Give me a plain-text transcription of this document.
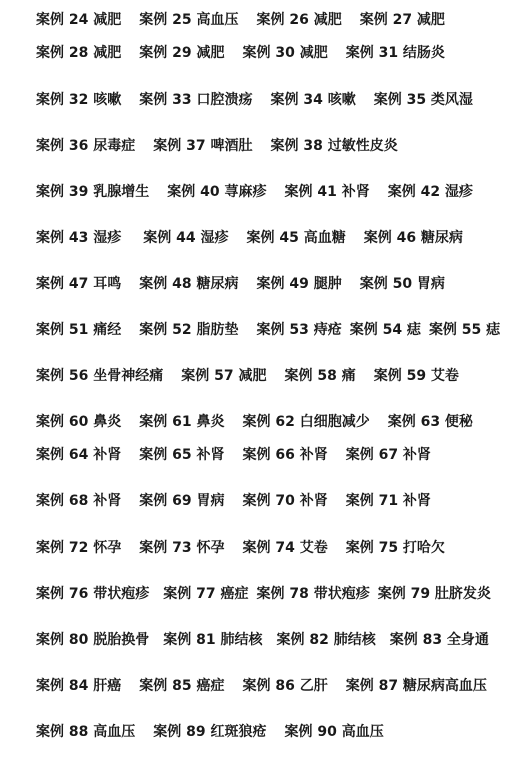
案例 24 减肥 案例 25 高血压 案例 26 减肥 案例 27 减肥
案例 28 减肥 案例 29 减肥 案例 30 减肥 案例 31 结肠炎
案例 32 咳嗽 案例 33 口腔溃疡 案例 34 咳嗽 案例 35 类风湿
案例 36 尿毒症 案例 37 啤酒肚 案例 38 过敏性皮炎
案例 39 乳腺增生 案例 40 荨麻疹 案例 41 补肾 案例 42 湿疹
案例 43 湿疹 案例 44 湿疹 案例 45 高血糖 案例 46 糖尿病
案例 47 耳鸣 案例 48 糖尿病 案例 49 腿肿 案例 50 胃病
案例 51 痛经 案例 52 脂肪垫 案例 53 痔疮 案例 54 痣 案例 55 痣
案例 56 坐骨神经痛 案例 57 减肥 案例 58 痛 案例 59 艾卷
案例 60 鼻炎 案例 61 鼻炎 案例 62 白细胞减少 案例 63 便秘
案例 64 补肾 案例 65 补肾 案例 66 补肾 案例 67 补肾
案例 68 补肾 案例 69 胃病 案例 70 补肾 案例 71 补肾
案例 72 怀孕 案例 73 怀孕 案例 74 艾卷 案例 75 打哈欠
案例 76 带状疱疹 案例 77 癌症 案例 78 带状疱疹 案例 79 肚脐发炎
案例 80 脱胎换骨 案例 81 肺结核 案例 82 肺结核 案例 83 全身通
案例 84 肝癌 案例 85 癌症 案例 86 乙肝 案例 87 糖尿病高血压
案例 88 高血压 案例 89 红斑狼疮 案例 90 高血压
